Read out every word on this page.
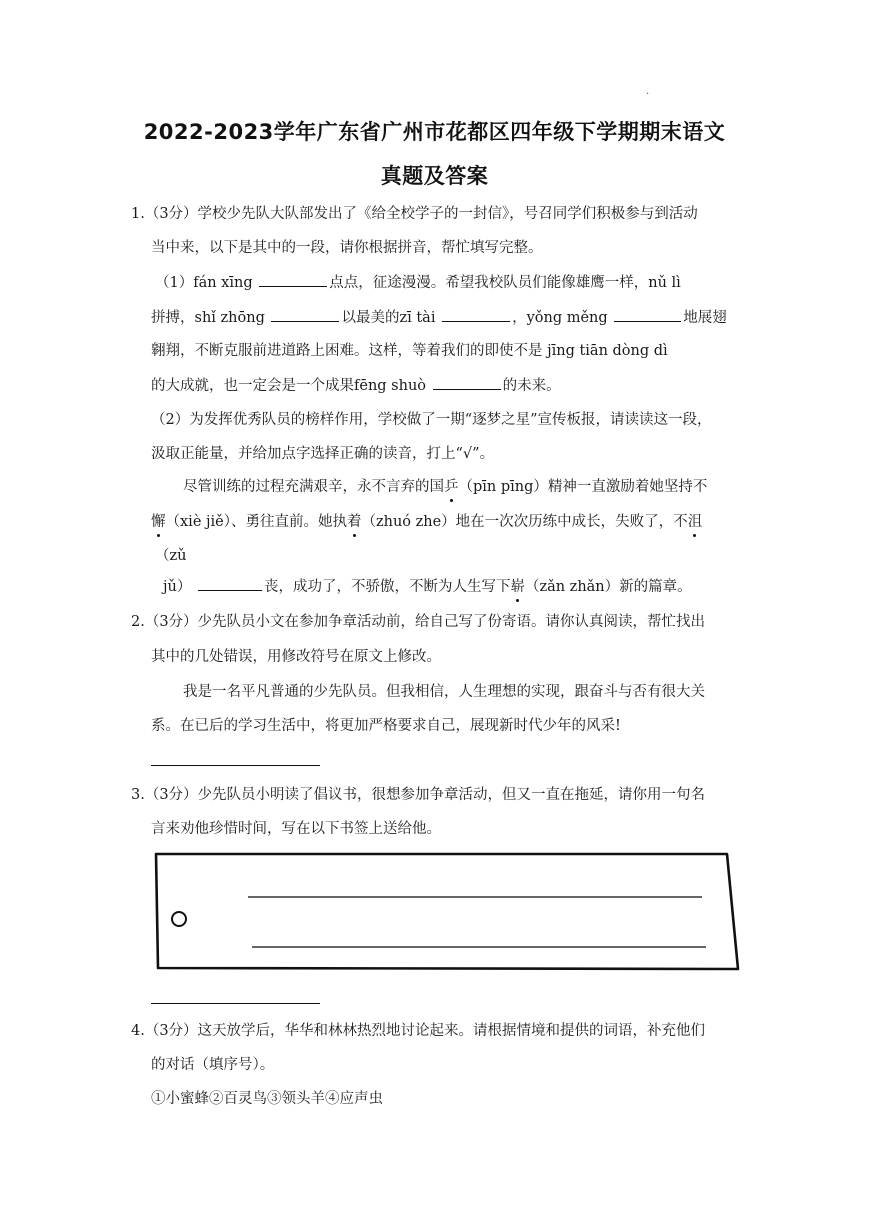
.
2022-2023学年广东省广州市花都区四年级下学期期末语文
真题及答案
1.（3分）学校少先队大队部发出了《给全校学子的一封信》，号召同学们积极参与到活动
当中来，以下是其中的一段，请你根据拼音，帮忙填写完整。
（1）fán xīng	点点，征途漫漫。希望我校队员们能像雄鹰一样，nǔ lì
拼搏，shǐ zhōng	以最美的zī tài	，yǒng měng	地展翅
翱翔，不断克服前进道路上困难。这样，等着我们的即使不是 jīng tiān dòng dì
的大成就，也一定会是一个成果fēng shuò	的未来。
（2）为发挥优秀队员的榜样作用，学校做了一期“逐梦之星”宣传板报，请读读这一段，
汲取正能量，并给加点字选择正确的读音，打上“√”。
尽管训练的过程充满艰辛，永不言弃的国乒（pīn pīng）精神一直激励着她坚持不
懈（xiè jiě）、勇往直前。她执着（zhuó zhe）地在一次次历练中成长，失败了，不沮
（zǔ
jǔ）	丧，成功了，不骄傲，不断为人生写下崭（zǎn zhǎn）新的篇章。
2.（3分）少先队员小文在参加争章活动前，给自己写了份寄语。请你认真阅读，帮忙找出
其中的几处错误，用修改符号在原文上修改。
我是一名平凡普通的少先队员。但我相信，人生理想的实现，跟奋斗与否有很大关
系。在已后的学习生活中，将更加严格要求自己，展现新时代少年的风采!
3.（3分）少先队员小明读了倡议书，很想参加争章活动，但又一直在拖延，请你用一句名
言来劝他珍惜时间，写在以下书签上送给他。
4.（3分）这天放学后，华华和林林热烈地讨论起来。请根据情境和提供的词语，补充他们
的对话（填序号）。
①小蜜蜂②百灵鸟③领头羊④应声虫
